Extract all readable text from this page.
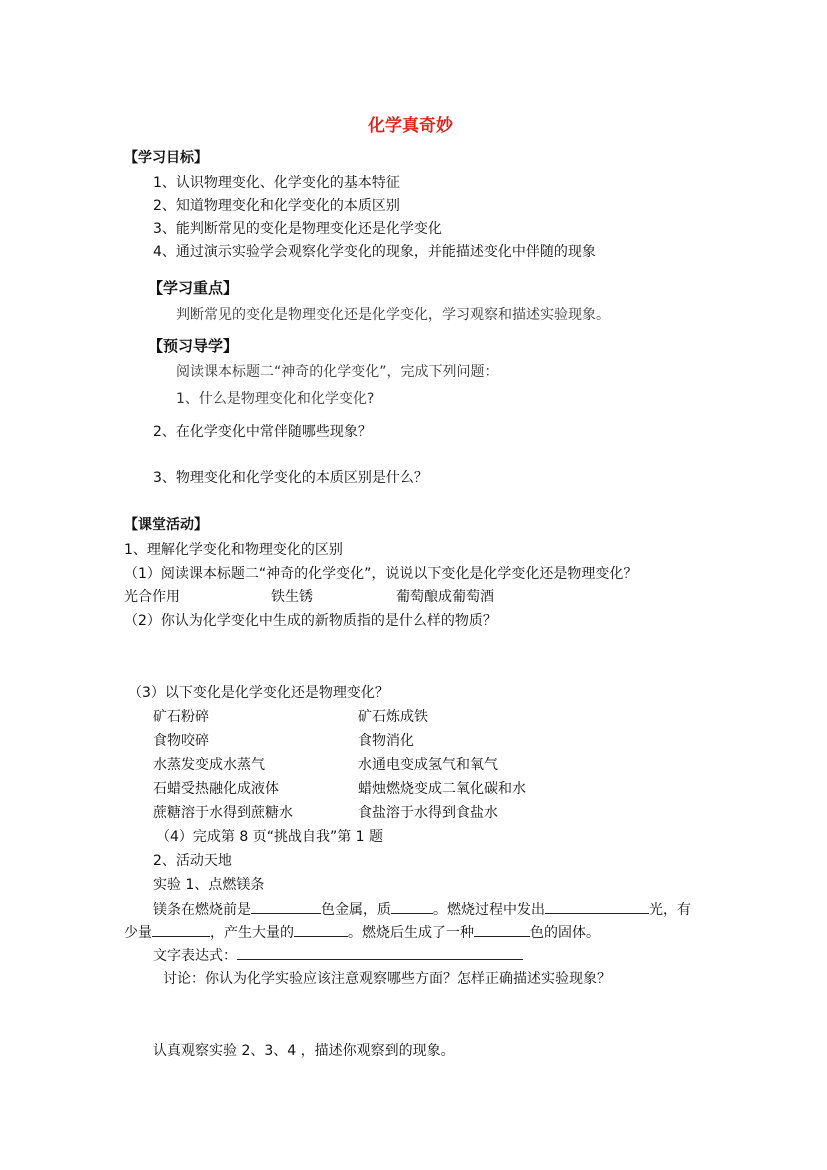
化学真奇妙
【学习目标】
1、认识物理变化、化学变化的基本特征
2、知道物理变化和化学变化的本质区别
3、能判断常见的变化是物理变化还是化学变化
4、通过演示实验学会观察化学变化的现象，并能描述变化中伴随的现象
【学习重点】
判断常见的变化是物理变化还是化学变化，学习观察和描述实验现象。
【预习导学】
阅读课本标题二“神奇的化学变化”，完成下列问题：
1、什么是物理变化和化学变化?
2、在化学变化中常伴随哪些现象？
3、物理变化和化学变化的本质区别是什么？
【课堂活动】
1、理解化学变化和物理变化的区别
（1）阅读课本标题二“神奇的化学变化”，说说以下变化是化学变化还是物理变化？
光合作用	铁生锈	葡萄酿成葡萄酒
（2）你认为化学变化中生成的新物质指的是什么样的物质？
（3）以下变化是化学变化还是物理变化？
矿石粉碎	矿石炼成铁
食物咬碎	食物消化
水蒸发变成水蒸气	水通电变成氢气和氧气
石蜡受热融化成液体	蜡烛燃烧变成二氧化碳和水
蔗糖溶于水得到蔗糖水	食盐溶于水得到食盐水
（4）完成第 8 页“挑战自我”第 1 题
2、活动天地
实验 1、点燃镁条
镁条在燃烧前是	色金属，质	。燃烧过程中发出	光，有
少量	，产生大量的	。燃烧后生成了一种	色的固体。
文字表达式：
讨论：你认为化学实验应该注意观察哪些方面？怎样正确描述实验现象？
认真观察实验 2、3、4 ，描述你观察到的现象。
